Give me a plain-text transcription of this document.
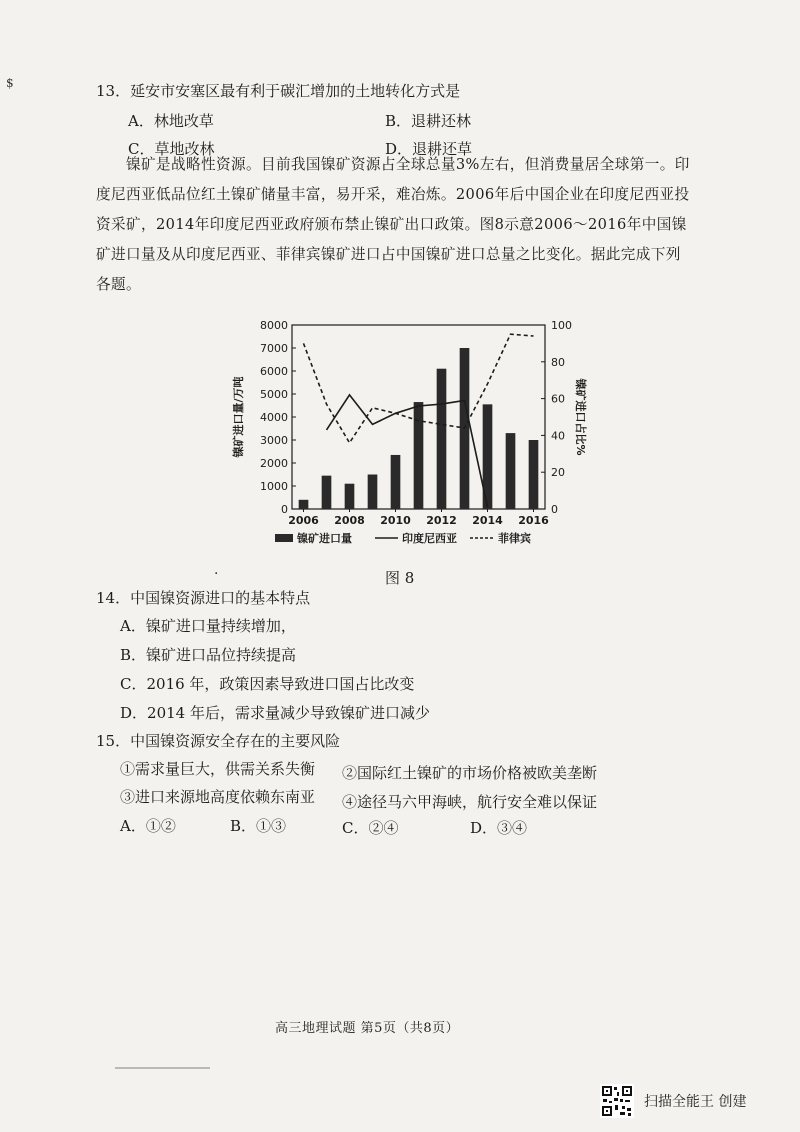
$	13．延安市安塞区最有利于碳汇增加的土地转化方式是
A．林地改草	B．退耕还林
C．草地改林	D．退耕还草
镍矿是战略性资源。目前我国镍矿资源占全球总量3%左右，但消费量居全球第一。印
度尼西亚低品位红土镍矿储量丰富，易开采，难冶炼。2006年后中国企业在印度尼西亚投
资采矿，2014年印度尼西亚政府颁布禁止镍矿出口政策。图8示意2006～2016年中国镍
矿进口量及从印度尼西亚、菲律宾镍矿进口占中国镍矿进口总量之比变化。据此完成下列
各题。
0
1000
2000
3000
4000
5000
6000
7000
8000
0
20
40
60
80
100
2006 2008 2010 2012 2014 2016
镍矿进口量/万吨	镍矿进口占比%
镍矿进口量	印度尼西亚	菲律宾
·	图 8
14．中国镍资源进口的基本特点
A．镍矿进口量持续增加，
B．镍矿进口品位持续提高
C．2016 年，政策因素导致进口国占比改变
D．2014 年后，需求量减少导致镍矿进口减少
15．中国镍资源安全存在的主要风险
①需求量巨大，供需关系失衡 ②国际红土镍矿的市场价格被欧美垄断
③进口来源地高度依赖东南亚 ④途径马六甲海峡，航行安全难以保证
A．①②	B．①③	C．②④	D．③④
高三地理试题 第5页（共8页）
扫描全能王 创建
